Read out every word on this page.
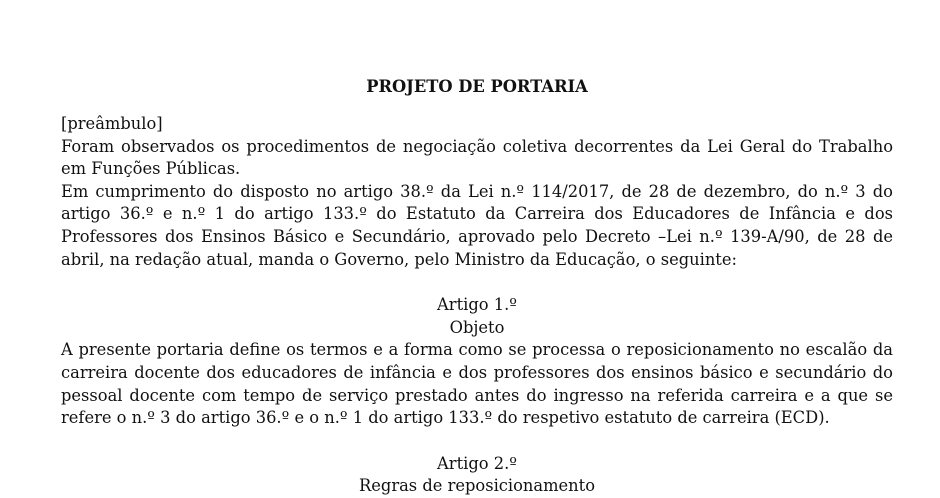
PROJETO DE PORTARIA

[preâmbulo]

Foram observados os procedimentos de negociação coletiva decorrentes da Lei Geral do Trabalho em Funções Públicas.

Em cumprimento do disposto no artigo 38.º da Lei n.º 114/2017, de 28 de dezembro, do n.º 3 do artigo 36.º e n.º 1 do artigo 133.º do Estatuto da Carreira dos Educadores de Infância e dos Professores dos Ensinos Básico e Secundário, aprovado pelo Decreto –Lei n.º 139-A/90, de 28 de abril, na redação atual, manda o Governo, pelo Ministro da Educação, o seguinte:

Artigo 1.º

Objeto

A presente portaria define os termos e a forma como se processa o reposicionamento no escalão da carreira docente dos educadores de infância e dos professores dos ensinos básico e secundário do pessoal docente com tempo de serviço prestado antes do ingresso na referida carreira e a que se refere o n.º 3 do artigo 36.º e o n.º 1 do artigo 133.º do respetivo estatuto de carreira (ECD).

Artigo 2.º

Regras de reposicionamento
